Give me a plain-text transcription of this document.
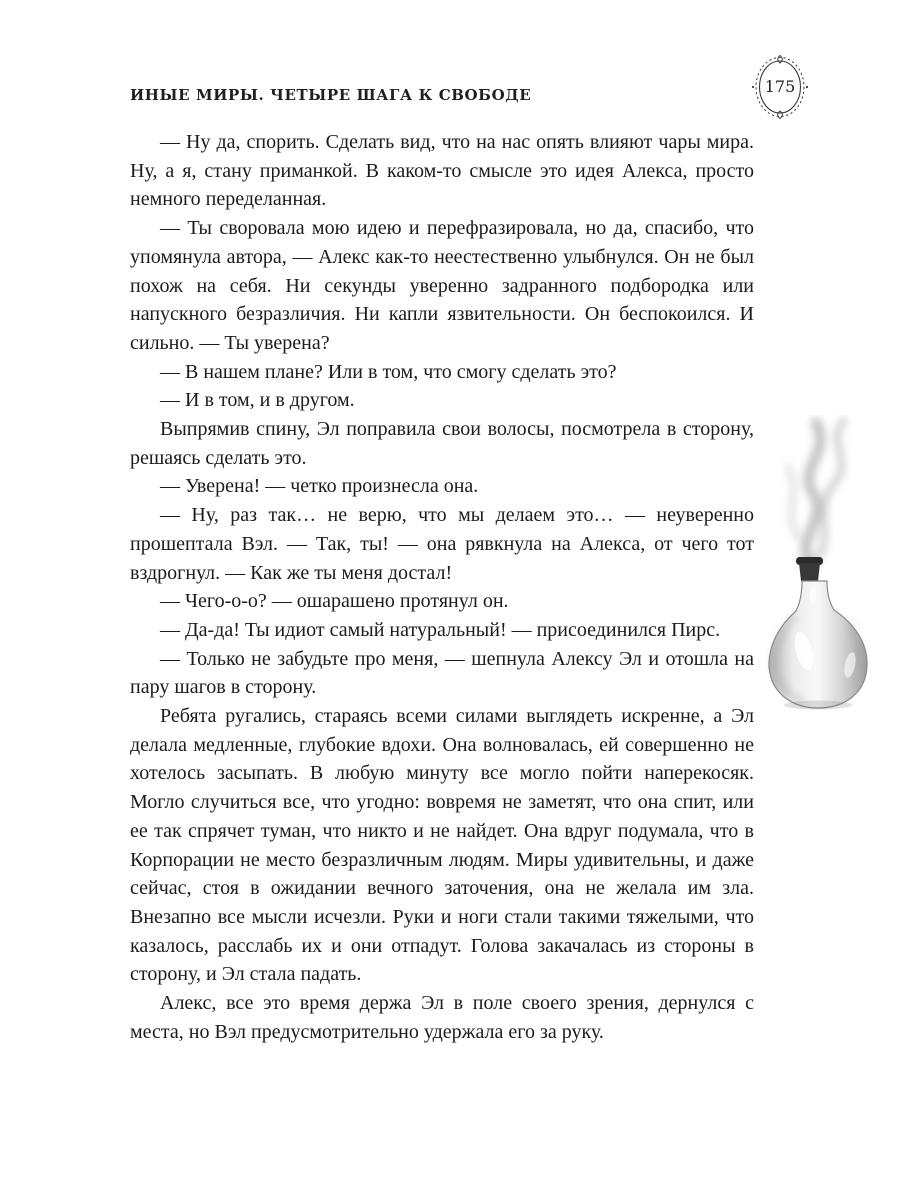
ИНЫЕ МИРЫ. ЧЕТЫРЕ ШАГА К СВОБОДЕ	175

— Ну да, спорить. Сделать вид, что на нас опять влияют чары мира. Ну, а я, стану приманкой. В каком-то смысле это идея Алекса, просто немного переделанная.

— Ты своровала мою идею и перефразировала, но да, спасибо, что упомянула автора, — Алекс как-то неестественно улыбнулся. Он не был похож на себя. Ни секунды уверенно задранного подбородка или напускного безразличия. Ни капли язвительности. Он беспокоился. И сильно. — Ты уверена?

— В нашем плане? Или в том, что смогу сделать это?

— И в том, и в другом.

Выпрямив спину, Эл поправила свои волосы, посмотрела в сторону, решаясь сделать это.

— Уверена! — четко произнесла она.

— Ну, раз так… не верю, что мы делаем это… — неуверенно прошептала Вэл. — Так, ты! — она рявкнула на Алекса, от чего тот вздрогнул. — Как же ты меня достал!

— Чего-о-о? — ошарашено протянул он.

— Да-да! Ты идиот самый натуральный! — присоединился Пирс.

— Только не забудьте про меня, — шепнула Алексу Эл и отошла на пару шагов в сторону.

Ребята ругались, стараясь всеми силами выглядеть искренне, а Эл делала медленные, глубокие вдохи. Она волновалась, ей совершенно не хотелось засыпать. В любую минуту все могло пойти наперекосяк. Могло случиться все, что угодно: вовремя не заметят, что она спит, или ее так спрячет туман, что никто и не найдет. Она вдруг подумала, что в Корпорации не место безразличным людям. Миры удивительны, и даже сейчас, стоя в ожидании вечного заточения, она не желала им зла. Внезапно все мысли исчезли. Руки и ноги стали такими тяжелыми, что казалось, расслабь их и они отпадут. Голова закачалась из стороны в сторону, и Эл стала падать.

Алекс, все это время держа Эл в поле своего зрения, дернулся с места, но Вэл предусмотрительно удержала его за руку.
